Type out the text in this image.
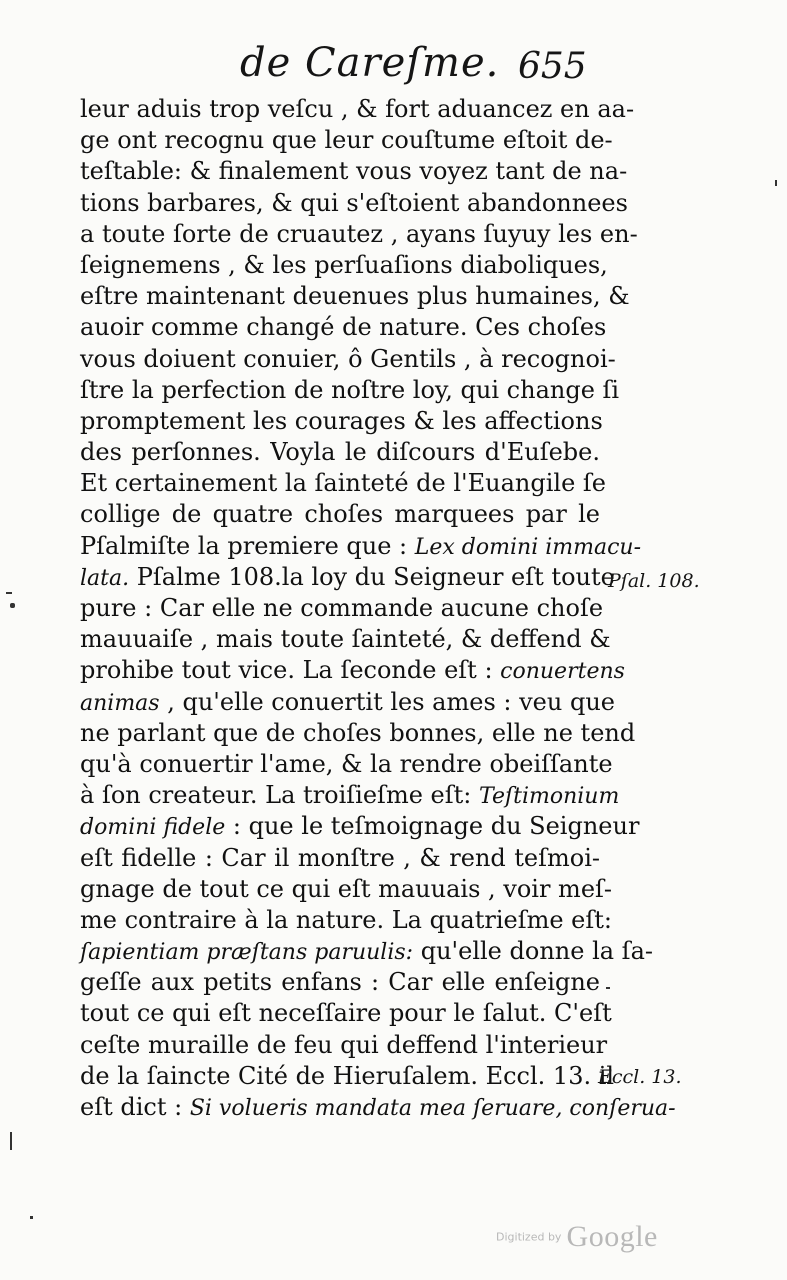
de Careſme. 655
leur aduis trop veſcu , & fort aduancez en aa-
ge ont recognu que leur couſtume eſtoit de-
teſtable: & finalement vous voyez tant de na-
tions barbares, & qui s'eſtoient abandonnees
a toute ſorte de cruautez , ayans ſuyuy les en-
ſeignemens , & les perſuaſions diaboliques,
eſtre maintenant deuenues plus humaines, &
auoir comme changé de nature. Ces choſes
vous doiuent conuier, ô Gentils , à recognoi-
ſtre la perfection de noſtre loy, qui change ſi
promptement les courages & les affections
des perſonnes. Voyla le diſcours d'Euſebe.
Et certainement la ſainteté de l'Euangile ſe
collige de quatre choſes marquees par le
Pſalmiſte la premiere que : Lex domini immacu-
lata. Pſalme 108.la loy du Seigneur eſt toute
pure : Car elle ne commande aucune choſe
mauuaiſe , mais toute ſainteté, & deffend &
prohibe tout vice. La ſeconde eſt : conuertens
animas , qu'elle conuertit les ames : veu que
ne parlant que de choſes bonnes, elle ne tend
qu'à conuertir l'ame, & la rendre obeiſſante
à ſon createur. La troiſieſme eſt: Teſtimonium
domini fidele : que le teſmoignage du Seigneur
eſt fidelle : Car il monſtre , & rend teſmoi-
gnage de tout ce qui eſt mauuais , voir meſ-
me contraire à la nature. La quatrieſme eſt:
ſapientiam præſtans paruulis: qu'elle donne la ſa-
geſſe aux petits enfans : Car elle enſeigne
tout ce qui eſt neceſſaire pour le ſalut. C'eſt
ceſte muraille de feu qui deffend l'interieur
de la ſaincte Cité de Hieruſalem. Eccl. 13. il
eſt dict : Si volueris mandata mea ſeruare, conſerua-
Pſal. 108.
Eccl. 13.
Digitized by Google
